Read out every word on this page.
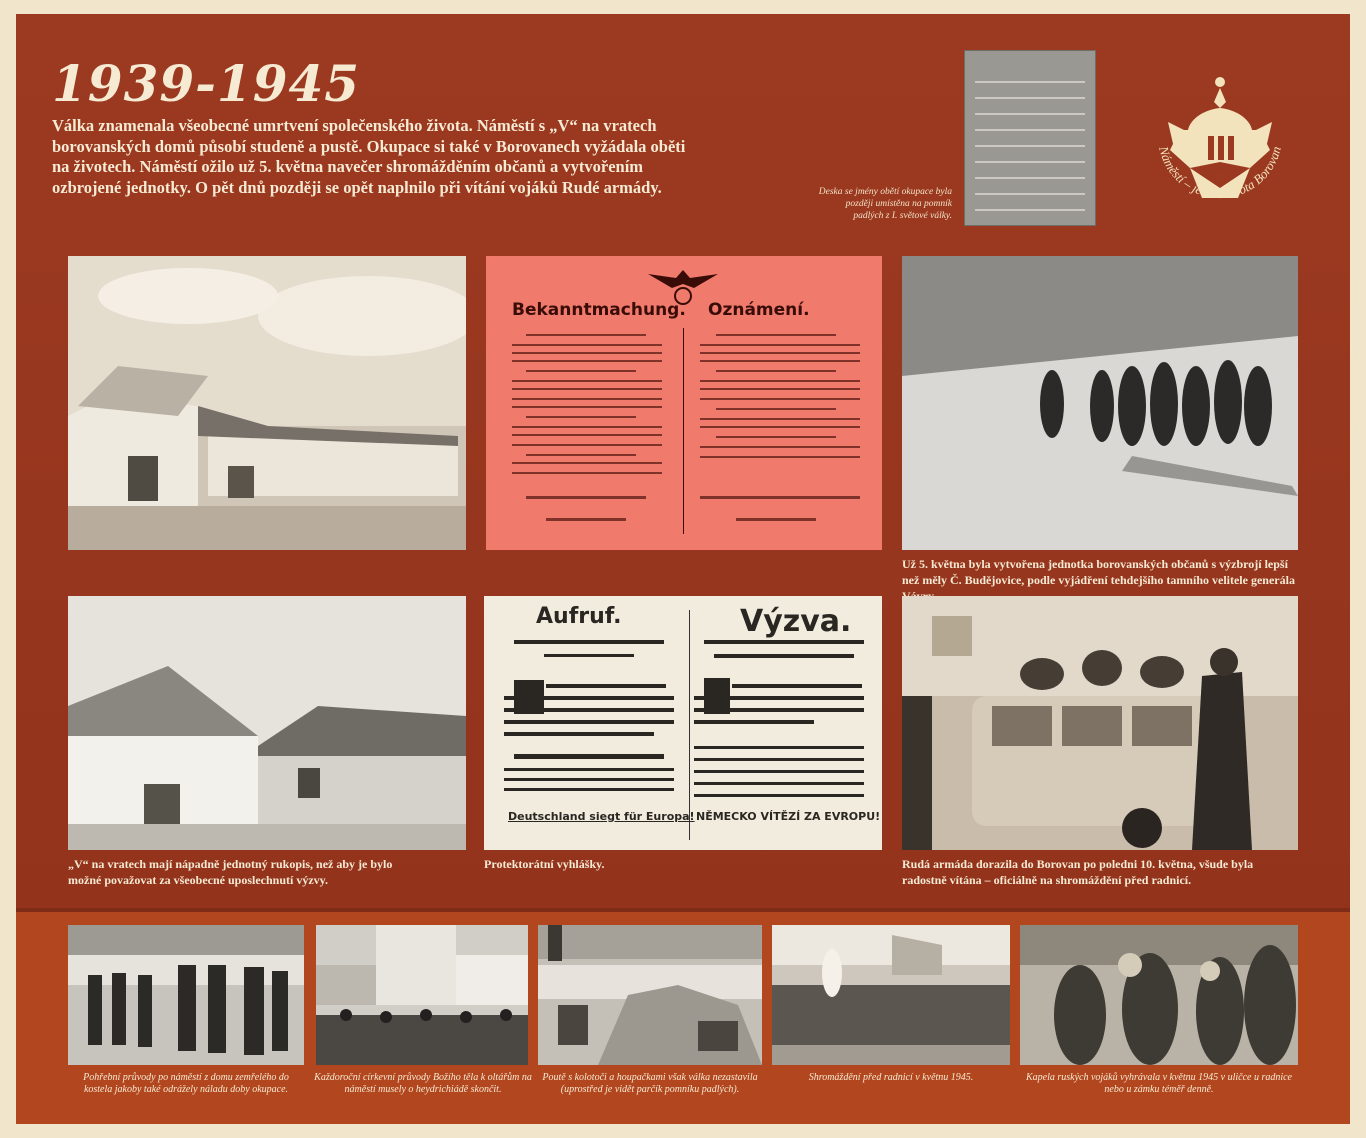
1939-1945

Válka znamenala všeobecné umrtvení společenského života. Náměstí s „V“ na vratech borovanských domů působí studeně a pustě. Okupace si také v Borovanech vyžádala oběti na životech. Náměstí ožilo už 5. května navečer shromážděním občanů a vytvořením ozbrojené jednotky. O pět dnů později se opět naplnilo při vítání vojáků Rudé armády.	Deska se jmény obětí okupace byla později umístěna na pomník padlých z I. světové války.

Náměstí – jeviště života Borovan
Bekanntmachung. Oznámení.

Už 5. května byla vytvořena jednotka borovanských občanů s výzbrojí lepší než měly Č. Budějovice, podle vyjádření tehdejšího tamního velitele generála

„V“ na vratech mají nápadně jednotný rukopis, než aby je bylo možné považovat za všeobecné uposlechnutí výzvy.

Aufruf.	Výzva.
Deutschland siegt für Europa! NĚMECKO VÍTĚZÍ ZA EVROPU!

Protektorátní vyhlášky.	Rudá armáda dorazila do Borovan po poledni 10. května, všude byla radostně vítána – oficiálně na shromáždění před radnicí.

Pohřební průvody po náměstí z domu zemřelého do kostela jakoby také odrážely náladu doby okupace.

Každoroční církevní průvody Božího těla k oltářům na náměstí musely o heydrichiádě skončit.

Poutě s kolotoči a houpačkami však válka nezastavila (uprostřed je vidět parčík pomníku padlých).

Shromáždění před radnicí v květnu 1945.	Kapela ruských vojáků vyhrávala v květnu 1945 v uličce u radnice nebo u zámku téměř denně.
